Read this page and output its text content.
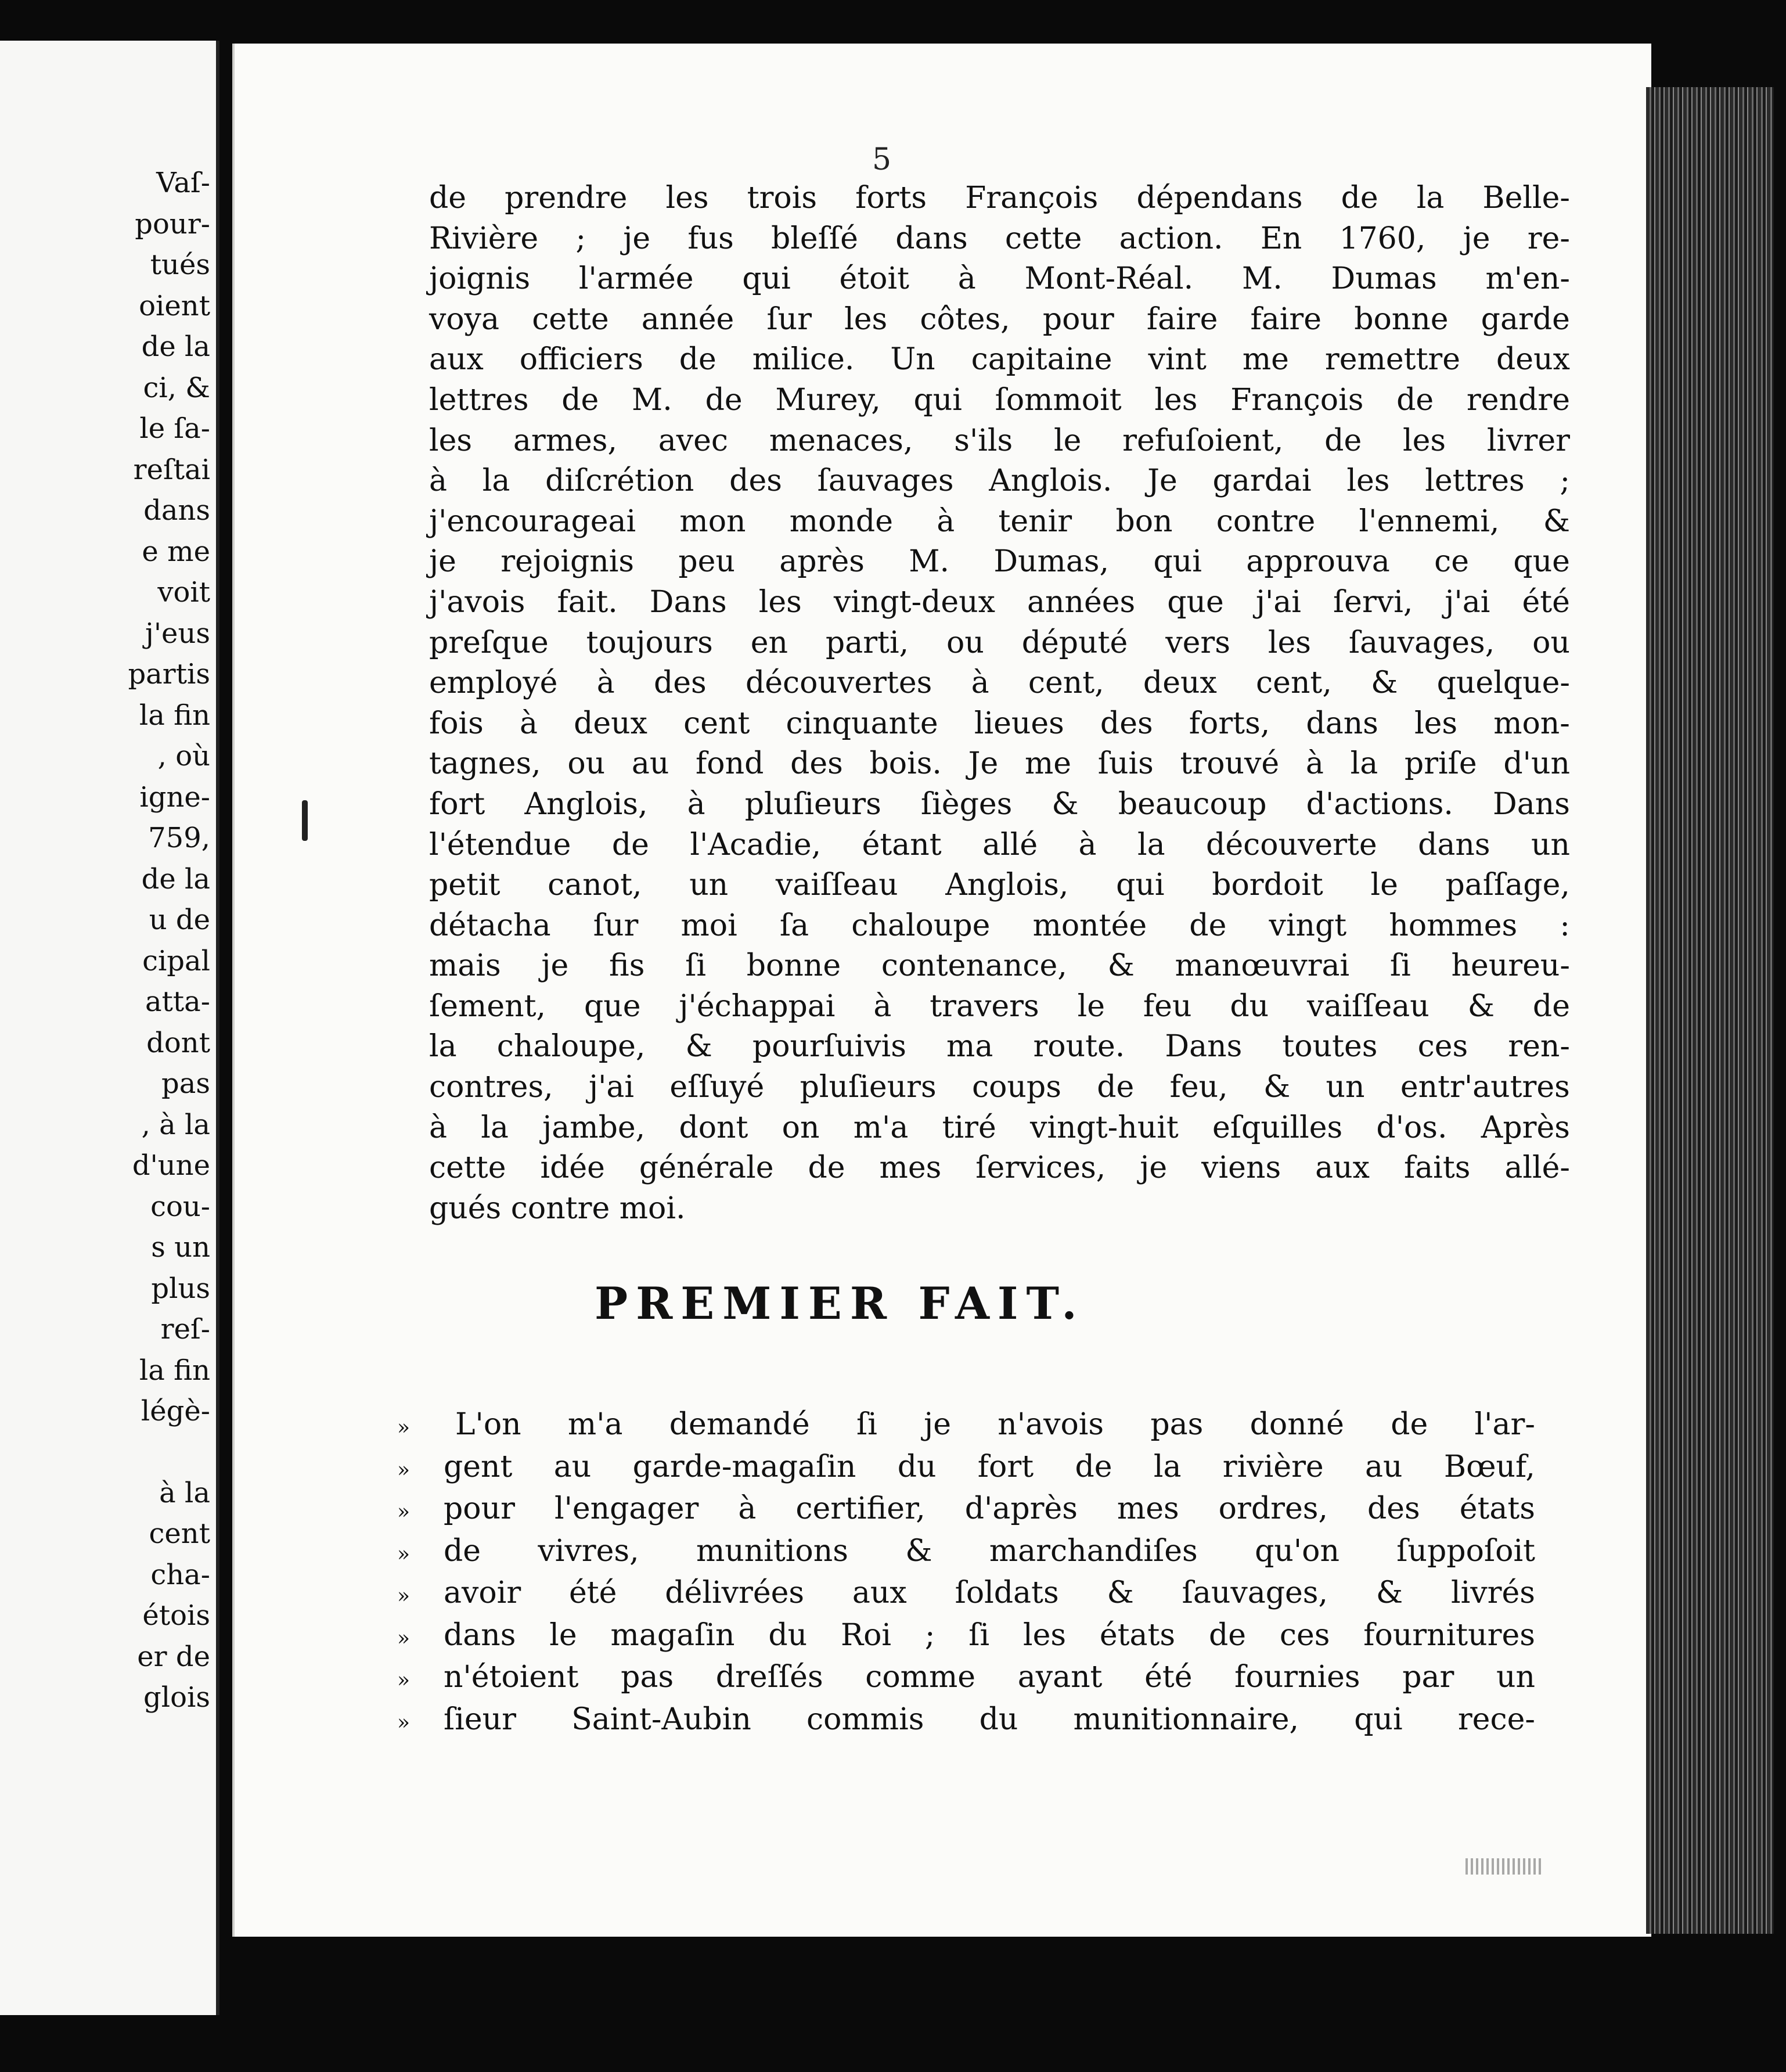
Vaſ-
pour-
tués
oient
de la
ci, &
le ſa-
reſtai
dans
e me
voit
j'eus
partis
la fin
, où
igne-
759,
de la
u de
cipal
atta-
dont
pas
, à la
d'une
cou-
s un
plus
reſ-
la fin
légè-
à la
cent
cha-
étois
er de
glois
5
de prendre les trois forts François dépendans de la Belle-
Rivière ; je fus bleſſé dans cette action. En 1760, je re-
joignis l'armée qui étoit à Mont-Réal. M. Dumas m'en-
voya cette année ſur les côtes, pour faire faire bonne garde
aux officiers de milice. Un capitaine vint me remettre deux
lettres de M. de Murey, qui ſommoit les François de rendre
les armes, avec menaces, s'ils le refuſoient, de les livrer
à la diſcrétion des ſauvages Anglois. Je gardai les lettres ;
j'encourageai mon monde à tenir bon contre l'ennemi, &
je rejoignis peu après M. Dumas, qui approuva ce que
j'avois fait. Dans les vingt-deux années que j'ai ſervi, j'ai été
preſque toujours en parti, ou député vers les ſauvages, ou
employé à des découvertes à cent, deux cent, & quelque-
fois à deux cent cinquante lieues des forts, dans les mon-
tagnes, ou au fond des bois. Je me ſuis trouvé à la priſe d'un
fort Anglois, à pluſieurs ſièges & beaucoup d'actions. Dans
l'étendue de l'Acadie, étant allé à la découverte dans un
petit canot, un vaiſſeau Anglois, qui bordoit le paſſage,
détacha ſur moi ſa chaloupe montée de vingt hommes :
mais je fis ſi bonne contenance, & manœuvrai ſi heureu-
ſement, que j'échappai à travers le feu du vaiſſeau & de
la chaloupe, & pourſuivis ma route. Dans toutes ces ren-
contres, j'ai eſſuyé pluſieurs coups de feu, & un entr'autres
à la jambe, dont on m'a tiré vingt-huit eſquilles d'os. Après
cette idée générale de mes ſervices, je viens aux faits allé-
gués contre moi.
PREMIER FAIT.
»	L'on m'a demandé ſi je n'avois pas donné de l'ar-
»	gent au garde-magaſin du fort de la rivière au Bœuf,
»	pour l'engager à certifier, d'après mes ordres, des états
»	de vivres, munitions & marchandiſes qu'on ſuppoſoit
»	avoir été délivrées aux ſoldats & ſauvages, & livrés
»	dans le magaſin du Roi ; ſi les états de ces fournitures
»	n'étoient pas dreſſés comme ayant été fournies par un
»	ſieur Saint-Aubin commis du munitionnaire, qui rece-
